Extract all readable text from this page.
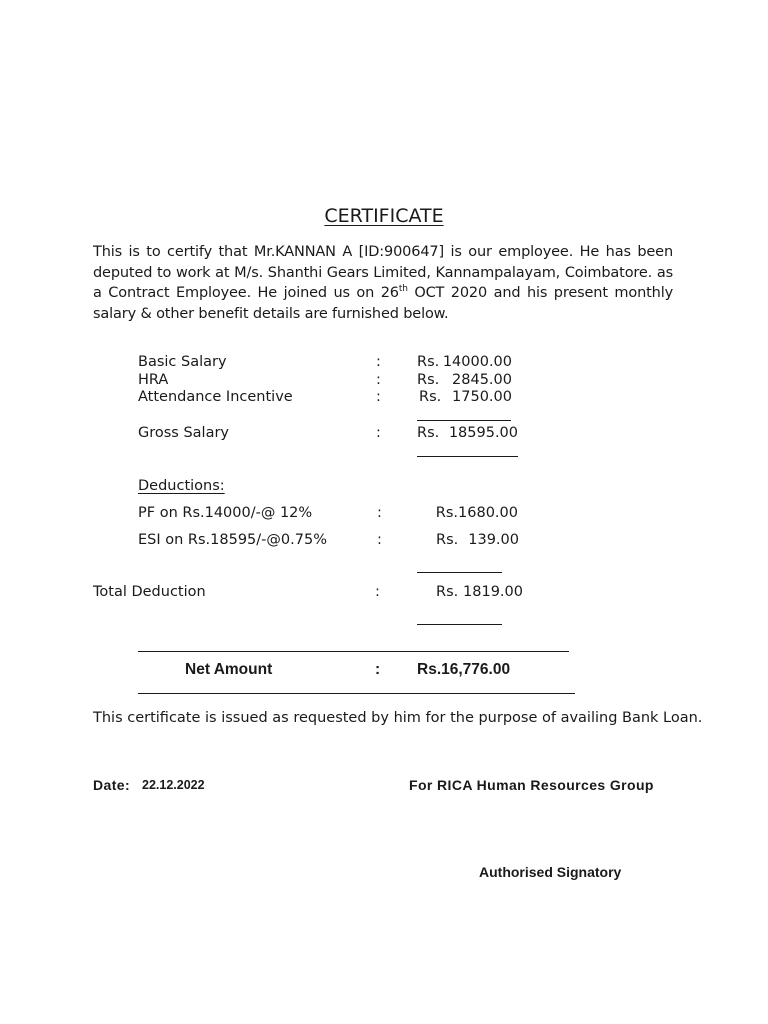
CERTIFICATE
This is to certify that Mr.KANNAN A [ID:900647] is our employee. He has been deputed to work at M/s. Shanthi Gears Limited, Kannampalayam, Coimbatore. as a Contract Employee. He joined us on 26th OCT 2020 and his present monthly salary & other benefit details are furnished below.
Basic Salary	: Rs. 14000.00
HRA	: Rs. 2845.00
Attendance Incentive	:	Rs. 1750.00
Gross Salary	: Rs. 18595.00
Deductions:
PF on Rs.14000/-@ 12%	:	Rs.1680.00
ESI on Rs.18595/-@0.75%	:	Rs. 139.00
Total Deduction	:	Rs. 1819.00
Net Amount	: Rs.16,776.00
This certificate is issued as requested by him for the purpose of availing Bank Loan.
Date: 22.12.2022	For RICA Human Resources Group
Authorised Signatory
